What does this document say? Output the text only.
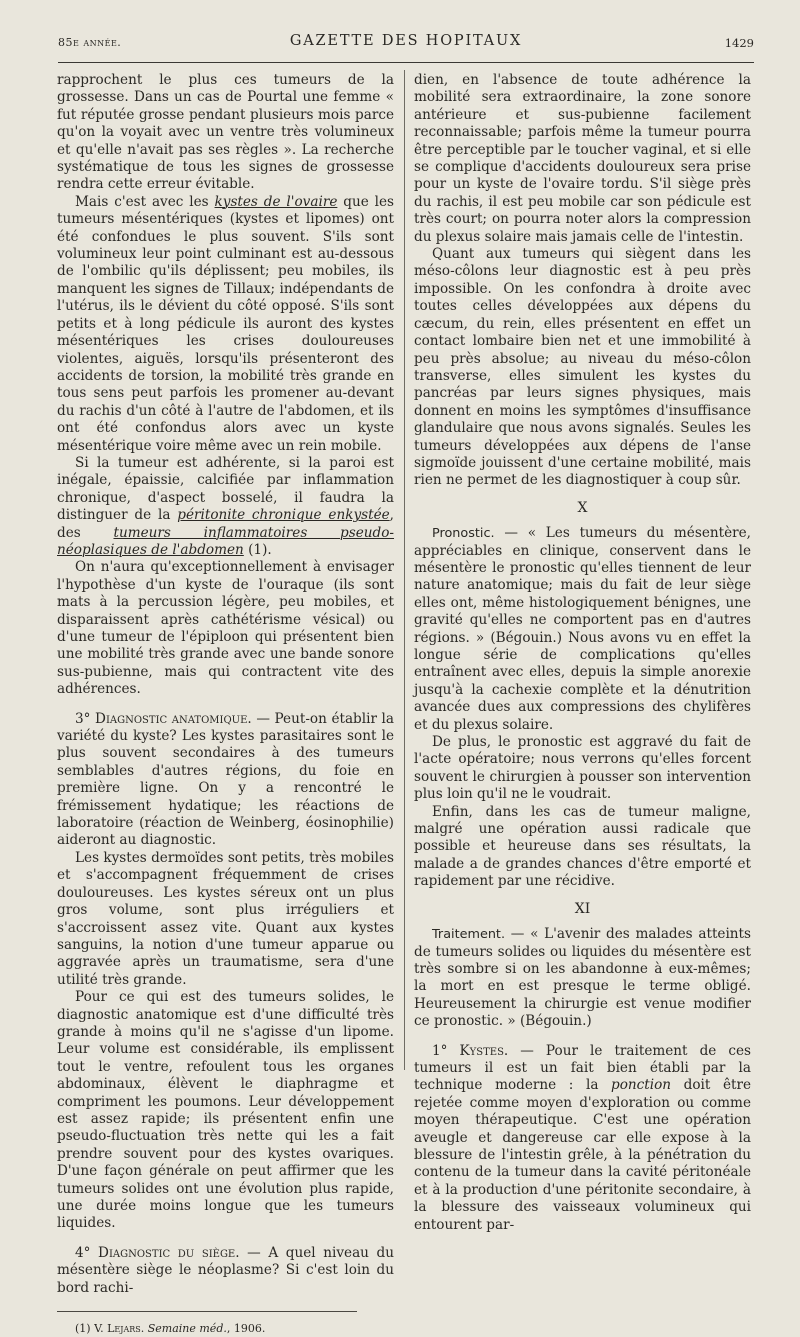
85e année.	GAZETTE DES HOPITAUX	1429

rapprochent le plus ces tumeurs de la grossesse. Dans un cas de Pourtal une femme « fut réputée grosse pendant plusieurs mois parce qu'on la voyait avec un ventre très volumineux et qu'elle n'avait pas ses règles ». La recherche systématique de tous les signes de grossesse rendra cette erreur évitable.

Mais c'est avec les kystes de l'ovaire que les tumeurs mésentériques (kystes et lipomes) ont été confondues le plus souvent. S'ils sont volumineux leur point culminant est au-dessous de l'ombilic qu'ils déplissent; peu mobiles, ils manquent les signes de Tillaux; indépendants de l'utérus, ils le dévient du côté opposé. S'ils sont petits et à long pédicule ils auront des kystes mésentériques les crises douloureuses violentes, aiguës, lorsqu'ils présenteront des accidents de torsion, la mobilité très grande en tous sens peut parfois les promener au-devant du rachis d'un côté à l'autre de l'abdomen, et ils ont été confondus alors avec un kyste mésentérique voire même avec un rein mobile.

Si la tumeur est adhérente, si la paroi est inégale, épaissie, calcifiée par inflammation chronique, d'aspect bosselé, il faudra la distinguer de la péritonite chronique enkystée, des tumeurs inflammatoires pseudo-néoplasiques de l'abdomen (1).

On n'aura qu'exceptionnellement à envisager l'hypothèse d'un kyste de l'ouraque (ils sont mats à la percussion légère, peu mobiles, et disparaissent après cathétérisme vésical) ou d'une tumeur de l'épiploon qui présentent bien une mobilité très grande avec une bande sonore sus-pubienne, mais qui contractent vite des adhérences.

3° Diagnostic anatomique. — Peut-on établir la variété du kyste? Les kystes parasitaires sont le plus souvent secondaires à des tumeurs semblables d'autres régions, du foie en première ligne. On y a rencontré le frémissement hydatique; les réactions de laboratoire (réaction de Weinberg, éosinophilie) aideront au diagnostic.

Les kystes dermoïdes sont petits, très mobiles et s'accompagnent fréquemment de crises douloureuses. Les kystes séreux ont un plus gros volume, sont plus irréguliers et s'accroissent assez vite. Quant aux kystes sanguins, la notion d'une tumeur apparue ou aggravée après un traumatisme, sera d'une utilité très grande.

Pour ce qui est des tumeurs solides, le diagnostic anatomique est d'une difficulté très grande à moins qu'il ne s'agisse d'un lipome. Leur volume est considérable, ils emplissent tout le ventre, refoulent tous les organes abdominaux, élèvent le diaphragme et compriment les poumons. Leur développement est assez rapide; ils présentent enfin une pseudo-fluctuation très nette qui les a fait prendre souvent pour des kystes ovariques. D'une façon générale on peut affirmer que les tumeurs solides ont une évolution plus rapide, une durée moins longue que les tumeurs liquides.

4° Diagnostic du siège. — A quel niveau du mésentère siège le néoplasme? Si c'est loin du bord rachi-

(1) V. Lejars. Semaine méd., 1906.

dien, en l'absence de toute adhérence la mobilité sera extraordinaire, la zone sonore antérieure et sus-pubienne facilement reconnaissable; parfois même la tumeur pourra être perceptible par le toucher vaginal, et si elle se complique d'accidents douloureux sera prise pour un kyste de l'ovaire tordu. S'il siège près du rachis, il est peu mobile car son pédicule est très court; on pourra noter alors la compression du plexus solaire mais jamais celle de l'intestin.

Quant aux tumeurs qui siègent dans les méso-côlons leur diagnostic est à peu près impossible. On les confondra à droite avec toutes celles développées aux dépens du cæcum, du rein, elles présentent en effet un contact lombaire bien net et une immobilité à peu près absolue; au niveau du méso-côlon transverse, elles simulent les kystes du pancréas par leurs signes physiques, mais donnent en moins les symptômes d'insuffisance glandulaire que nous avons signalés. Seules les tumeurs développées aux dépens de l'anse sigmoïde jouissent d'une certaine mobilité, mais rien ne permet de les diagnostiquer à coup sûr.

X

Pronostic. — « Les tumeurs du mésentère, appréciables en clinique, conservent dans le mésentère le pronostic qu'elles tiennent de leur nature anatomique; mais du fait de leur siège elles ont, même histologiquement bénignes, une gravité qu'elles ne comportent pas en d'autres régions. » (Bégouin.) Nous avons vu en effet la longue série de complications qu'elles entraînent avec elles, depuis la simple anorexie jusqu'à la cachexie complète et la dénutrition avancée dues aux compressions des chylifères et du plexus solaire.

De plus, le pronostic est aggravé du fait de l'acte opératoire; nous verrons qu'elles forcent souvent le chirurgien à pousser son intervention plus loin qu'il ne le voudrait.

Enfin, dans les cas de tumeur maligne, malgré une opération aussi radicale que possible et heureuse dans ses résultats, la malade a de grandes chances d'être emporté et rapidement par une récidive.

XI

Traitement. — « L'avenir des malades atteints de tumeurs solides ou liquides du mésentère est très sombre si on les abandonne à eux-mêmes; la mort en est presque le terme obligé. Heureusement la chirurgie est venue modifier ce pronostic. » (Bégouin.)

1° Kystes. — Pour le traitement de ces tumeurs il est un fait bien établi par la technique moderne : la ponction doit être rejetée comme moyen d'exploration ou comme moyen thérapeutique. C'est une opération aveugle et dangereuse car elle expose à la blessure de l'intestin grêle, à la pénétration du contenu de la tumeur dans la cavité péritonéale et à la production d'une péritonite secondaire, à la blessure des vaisseaux volumineux qui entourent par-
